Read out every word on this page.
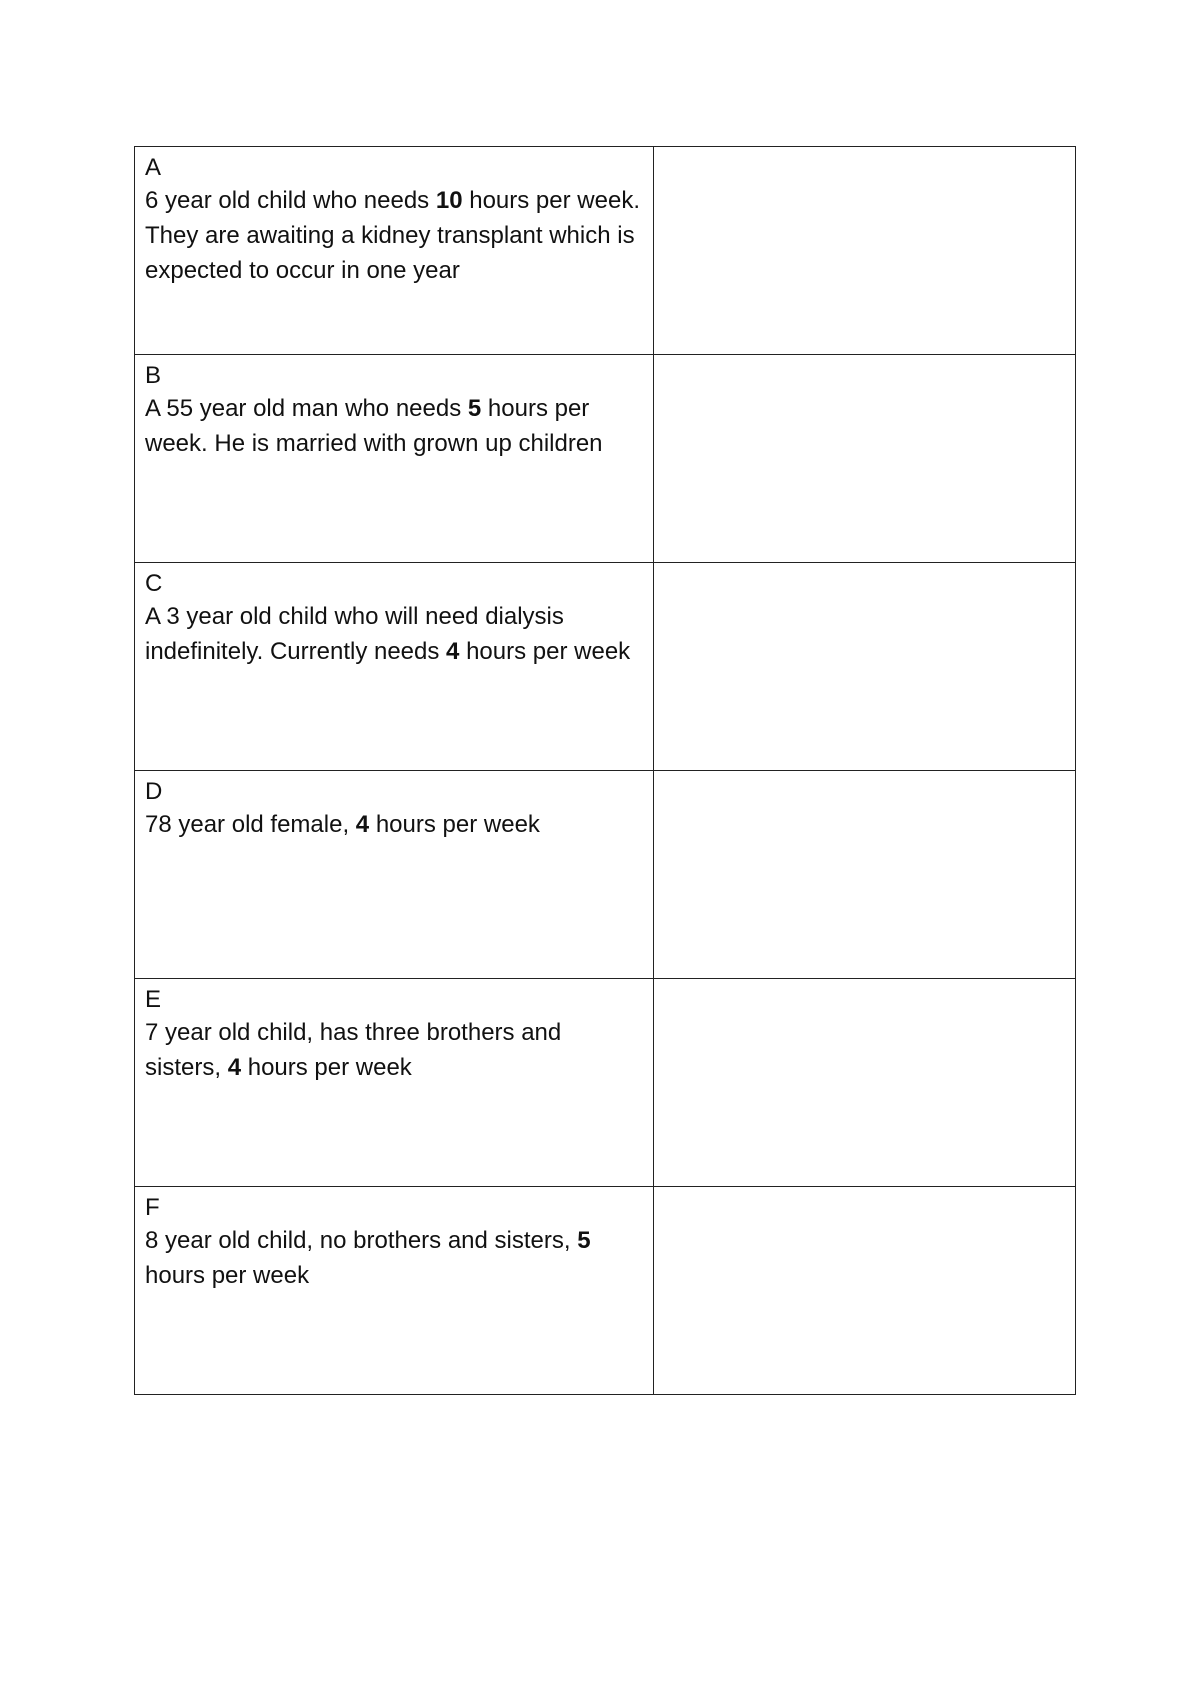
A
6 year old child who needs 10 hours per week. They are awaiting a kidney transplant which is expected to occur in one year	

B
A 55 year old man who needs 5 hours per week. He is married with grown up children	

C
A 3 year old child who will need dialysis indefinitely. Currently needs 4 hours per week	

D
78 year old female, 4 hours per week	

E
7 year old child, has three brothers and sisters, 4 hours per week	

F
8 year old child, no brothers and sisters, 5 hours per week	
